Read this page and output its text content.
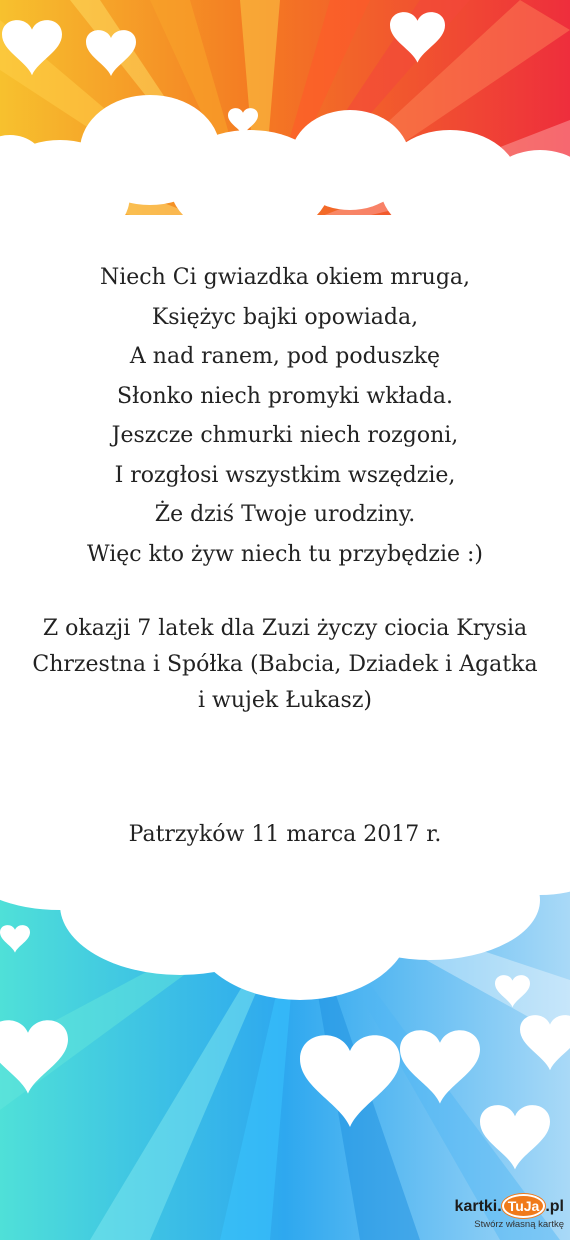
Niech Ci gwiazdka okiem mruga,
Księżyc bajki opowiada,
A nad ranem, pod poduszkę
Słonko niech promyki wkłada.
Jeszcze chmurki niech rozgoni,
I rozgłosi wszystkim wszędzie,
Że dziś Twoje urodziny.
Więc kto żyw niech tu przybędzie :)
Z okazji 7 latek dla Zuzi życzy ciocia Krysia
Chrzestna i Spółka (Babcia, Dziadek i Agatka
i wujek Łukasz)
Patrzyków 11 marca 2017 r.
kartki. TuJa .pl
Stwórz własną kartkę
